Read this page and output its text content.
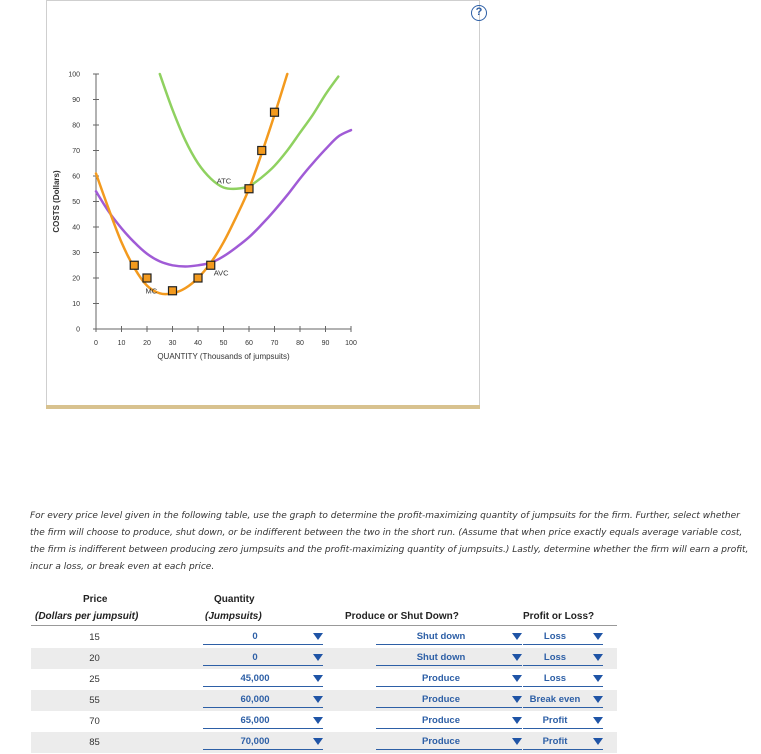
0	10	20	30	40	50	60	70	80	90 100
0
10
20
30
40
50
60
70
80
90
100
QUANTITY (Thousands of jumpsuits)
COSTS (Dollars)	ATC
AVC
MC
?

For every price level given in the following table, use the graph to determine the profit-maximizing quantity of jumpsuits for the firm. Further, select whether the firm will choose to produce, shut down, or be indifferent between the two in the short run. (Assume that when price exactly equals average variable cost, the firm is indifferent between producing zero jumpsuits and the profit-maximizing quantity of jumpsuits.) Lastly, determine whether the firm will earn a profit, incur a loss, or break even at each price.

Price
(Dollars per jumpsuit)
Quantity
(Jumpsuits)	Produce or Shut Down?	Profit or Loss?
15	0	Shut down	Loss
20	0	Shut down	Loss
25	45,000	Produce	Loss
55	60,000	Produce	Break even
70	65,000	Produce	Profit
85	70,000	Produce	Profit
